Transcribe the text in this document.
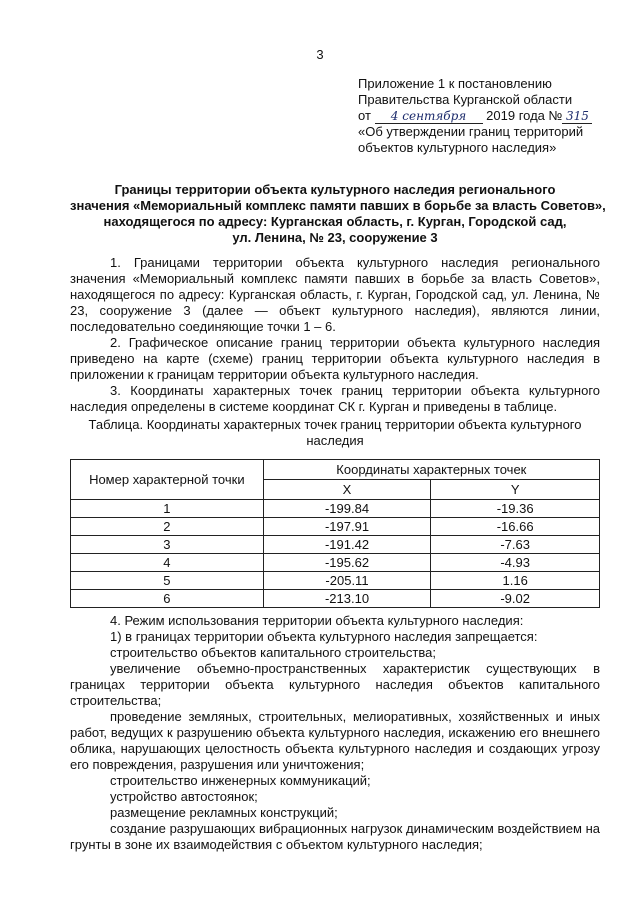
3
Приложение 1 к постановлению
Правительства Курганской области
от 4 сентября 2019 года № 315
«Об утверждении границ территорий
объектов культурного наследия»
Границы территории объекта культурного наследия регионального
значения «Мемориальный комплекс памяти павших в борьбе за власть Советов»,
находящегося по адресу: Курганская область, г. Курган, Городской сад,
ул. Ленина, № 23, сооружение 3

1. Границами территории объекта культурного наследия регионального значения «Мемориальный комплекс памяти павших в борьбе за власть Советов», находящегося по адресу: Курганская область, г. Курган, Городской сад, ул. Ленина, № 23, сооружение 3 (далее — объект культурного наследия), являются линии, последовательно соединяющие точки 1 – 6.

2. Графическое описание границ территории объекта культурного наследия приведено на карте (схеме) границ территории объекта культурного наследия в приложении к границам территории объекта культурного наследия.

3. Координаты характерных точек границ территории объекта культурного наследия определены в системе координат СК г. Курган и приведены в таблице.

Таблица. Координаты характерных точек границ территории объекта культурного наследия
Номер характерной точки	Координаты характерных точек	
	X	Y
1	-199.84	-19.36
2	-197.91	-16.66
3	-191.42	-7.63
4	-195.62	-4.93
5	-205.11	1.16
6	-213.10	-9.02

4. Режим использования территории объекта культурного наследия:

1) в границах территории объекта культурного наследия запрещается:

строительство объектов капитального строительства;

увеличение объемно-пространственных характеристик существующих в границах территории объекта культурного наследия объектов капитального строительства;

проведение земляных, строительных, мелиоративных, хозяйственных и иных работ, ведущих к разрушению объекта культурного наследия, искажению его внешнего облика, нарушающих целостность объекта культурного наследия и создающих угрозу его повреждения, разрушения или уничтожения;

строительство инженерных коммуникаций;

устройство автостоянок;

размещение рекламных конструкций;

создание разрушающих вибрационных нагрузок динамическим воздействием на грунты в зоне их взаимодействия с объектом культурного наследия;
